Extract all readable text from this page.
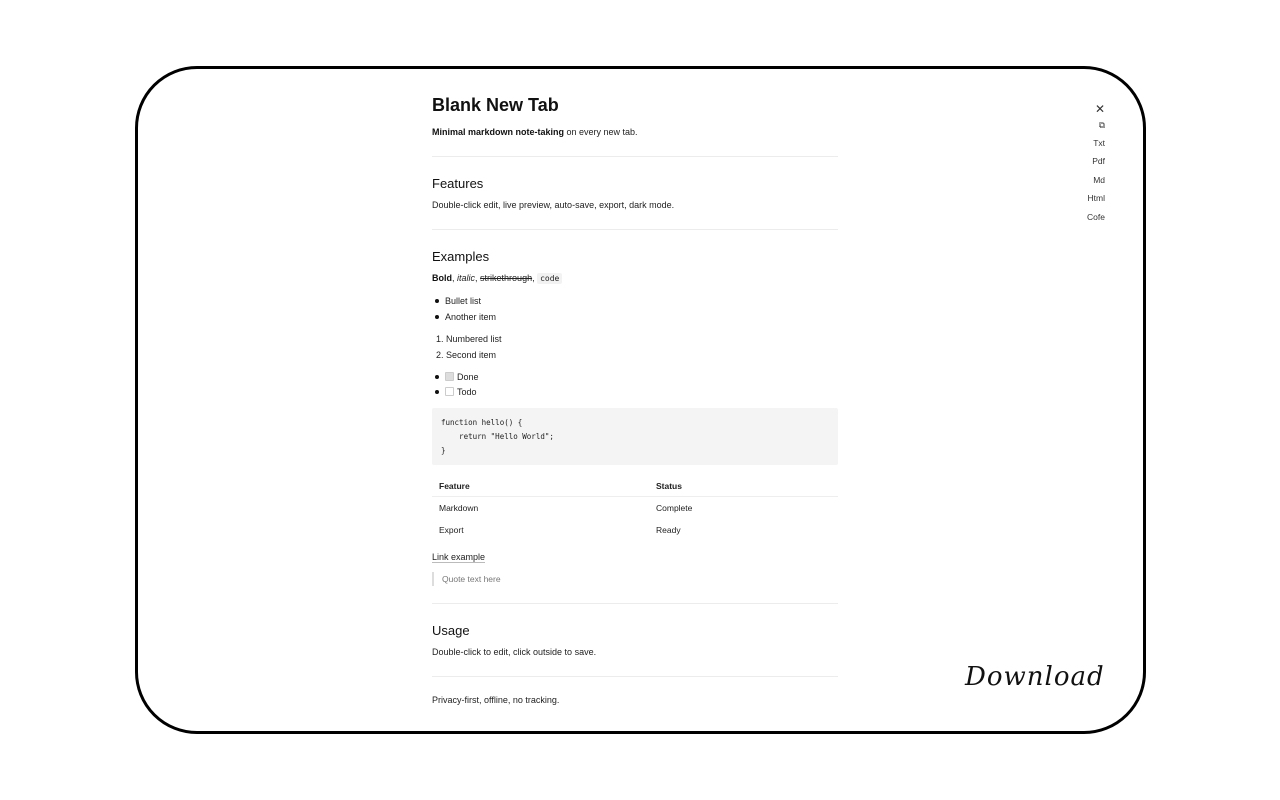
Blank New Tab
Minimal markdown note-taking on every new tab.
Features
Double-click edit, live preview, auto-save, export, dark mode.
Examples
Bold, italic, strikethrough, code
Bullet list
Another item
1. Numbered list
2. Second item
Done
Todo
function hello() {
return "Hello World";
}
Feature	Status
Markdown	Complete
Export	Ready
Link example
Quote text here
Usage
Double-click to edit, click outside to save.
Privacy-first, offline, no tracking.
✕
⧉
Txt
Pdf
Md
Html
Cofe
Download
